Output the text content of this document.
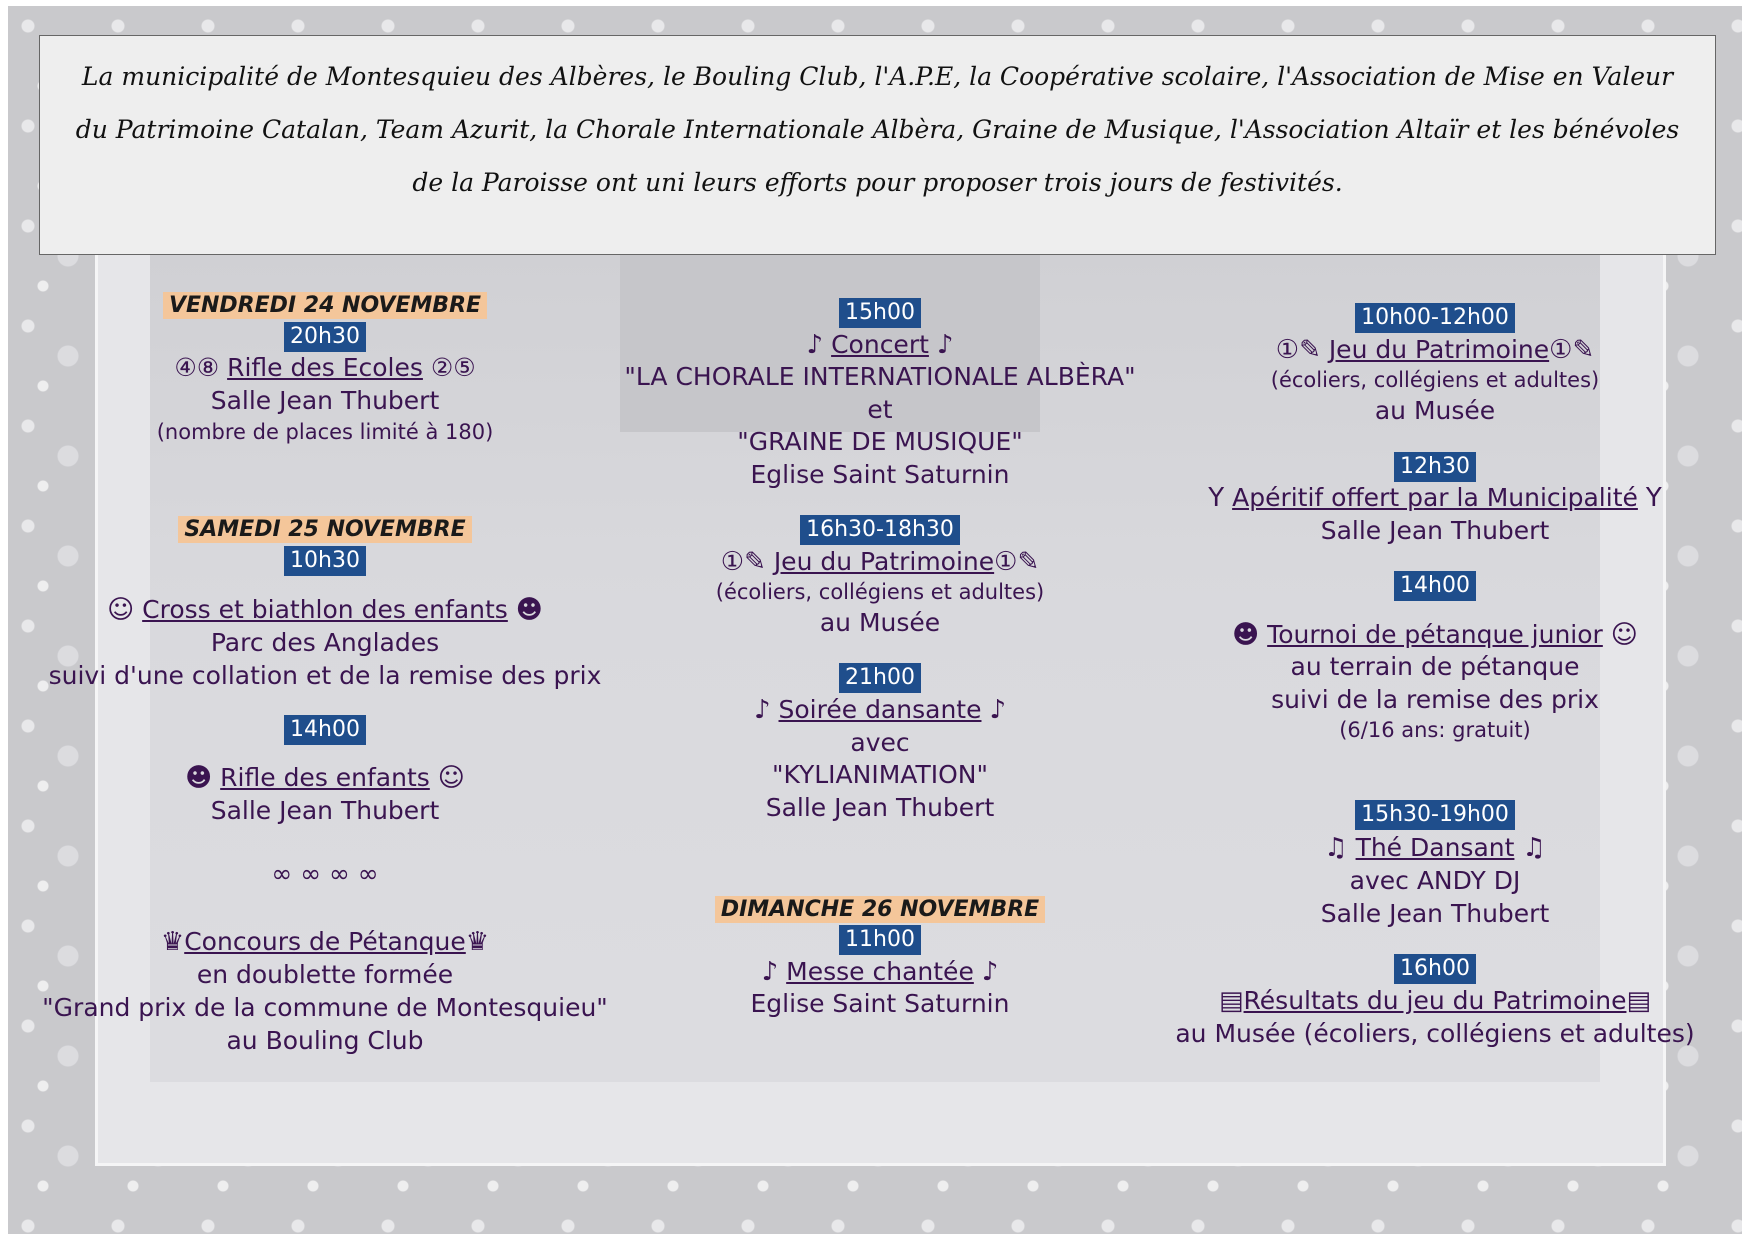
La municipalité de Montesquieu des Albères, le Bouling Club, l'A.P.E, la Coopérative scolaire, l'Association de Mise en Valeur du Patrimoine Catalan, Team Azurit, la Chorale Internationale Albèra, Graine de Musique, l'Association Altaïr et les bénévoles de la Paroisse ont uni leurs efforts pour proposer trois jours de festivités.
VENDREDI 24 NOVEMBRE
20h30
④⑧ Rifle des Ecoles ②⑤
Salle Jean Thubert
(nombre de places limité à 180)
SAMEDI 25 NOVEMBRE
10h30
☺ Cross et biathlon des enfants ☻
Parc des Anglades
suivi d'une collation et de la remise des prix
14h00
☻ Rifle des enfants ☺
Salle Jean Thubert
∞ ∞ ∞ ∞
♛Concours de Pétanque♛
en doublette formée
"Grand prix de la commune de Montesquieu"
au Bouling Club
15h00
♪ Concert ♪
"LA CHORALE INTERNATIONALE ALBÈRA"
et
"GRAINE DE MUSIQUE"
Eglise Saint Saturnin
16h30-18h30
①✎ Jeu du Patrimoine①✎
(écoliers, collégiens et adultes)
au Musée
21h00
♪ Soirée dansante ♪
avec
"KYLIANIMATION"
Salle Jean Thubert
DIMANCHE 26 NOVEMBRE
11h00
♪ Messe chantée ♪
Eglise Saint Saturnin
10h00-12h00
①✎ Jeu du Patrimoine①✎
(écoliers, collégiens et adultes)
au Musée
12h30
Y Apéritif offert par la Municipalité Y
Salle Jean Thubert
14h00
☻ Tournoi de pétanque junior ☺
au terrain de pétanque
suivi de la remise des prix
(6/16 ans: gratuit)
15h30-19h00
♫ Thé Dansant ♫
avec ANDY DJ
Salle Jean Thubert
16h00
▤Résultats du jeu du Patrimoine▤
au Musée (écoliers, collégiens et adultes)
